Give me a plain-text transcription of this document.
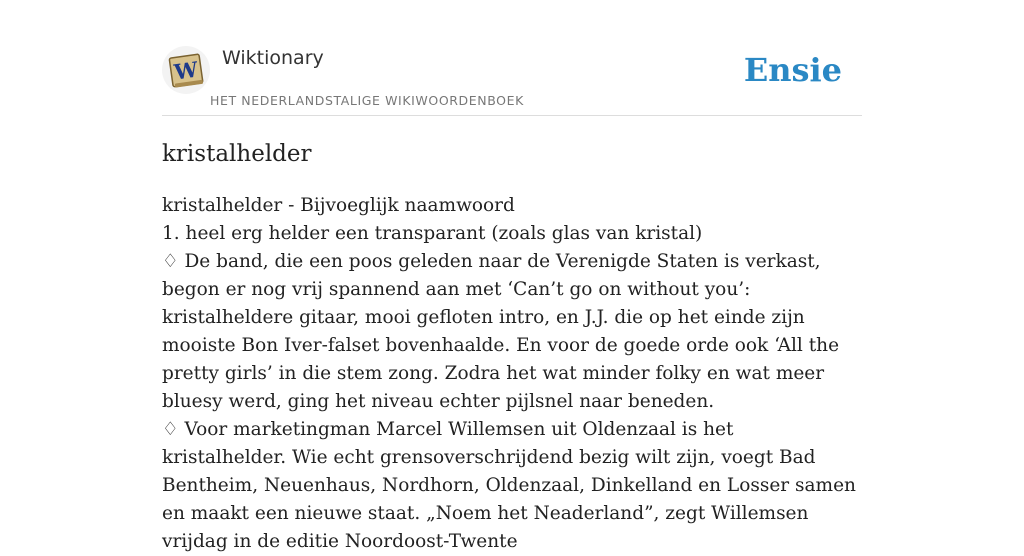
W Wiktionary
HET NEDERLANDSTALIGE WIKIWOORDENBOEK
Ensie
kristalhelder
kristalhelder - Bijvoeglijk naamwoord
1. heel erg helder een transparant (zoals glas van kristal)
♢ De band, die een poos geleden naar de Verenigde Staten is verkast, begon er nog vrij spannend aan met ‘Can’t go on without you’: kristalheldere gitaar, mooi gefloten intro, en J.J. die op het einde zijn mooiste Bon Iver-falset bovenhaalde. En voor de goede orde ook ‘All the pretty girls’ in die stem zong. Zodra het wat minder folky en wat meer bluesy werd, ging het niveau echter pijlsnel naar beneden.
♢ Voor marketingman Marcel Willemsen uit Oldenzaal is het kristalhelder. Wie echt grensoverschrijdend bezig wilt zijn, voegt Bad Bentheim, Neuenhaus, Nordhorn, Oldenzaal, Dinkelland en Losser samen en maakt een nieuwe staat. „Noem het Neaderland”, zegt Willemsen vrijdag in de editie Noordoost-Twente
